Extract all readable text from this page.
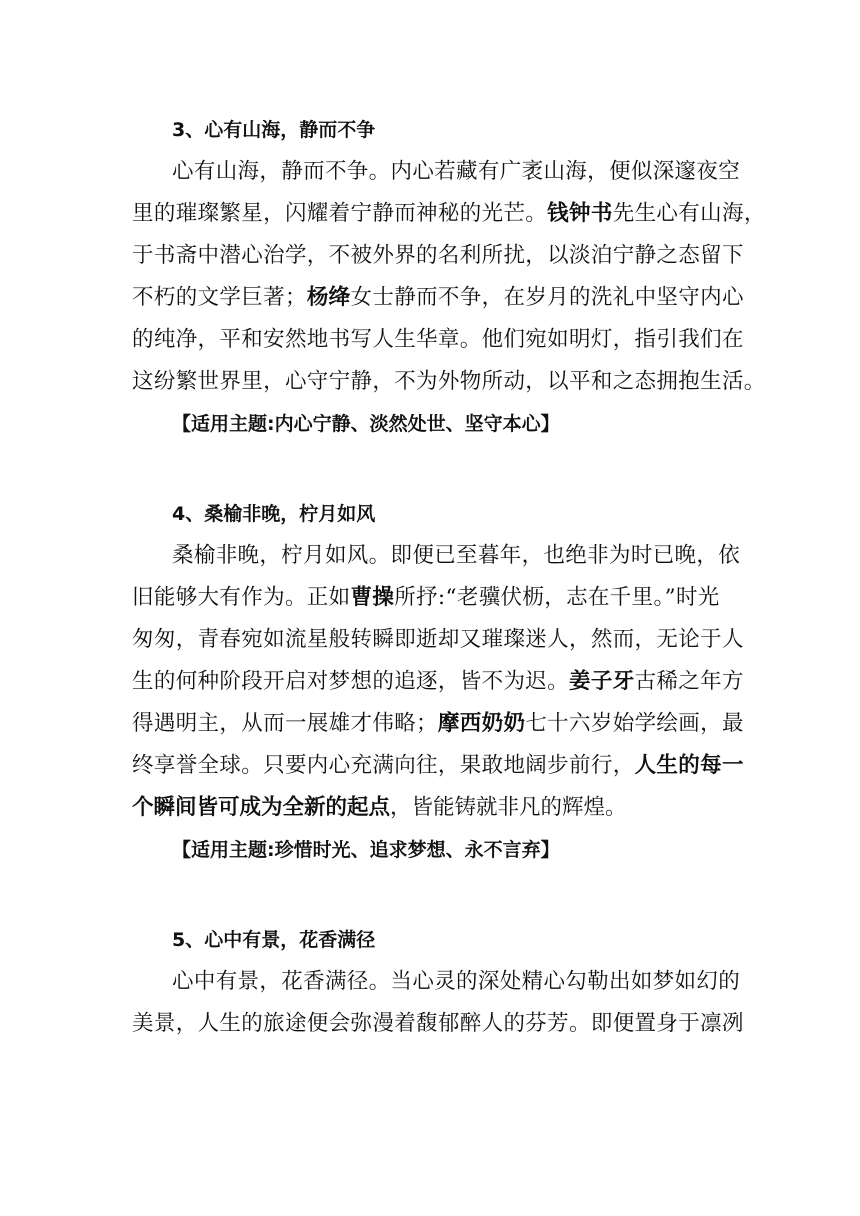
3、心有山海，静而不争
心有山海，静而不争。内心若藏有广袤山海，便似深邃夜空
里的璀璨繁星，闪耀着宁静而神秘的光芒。钱钟书先生心有山海，
于书斋中潜心治学，不被外界的名利所扰，以淡泊宁静之态留下
不朽的文学巨著；杨绛女士静而不争，在岁月的洗礼中坚守内心
的纯净，平和安然地书写人生华章。他们宛如明灯，指引我们在
这纷繁世界里，心守宁静，不为外物所动，以平和之态拥抱生活。
【适用主题:内心宁静、淡然处世、坚守本心】
4、桑榆非晚，柠月如风
桑榆非晚，柠月如风。即便已至暮年，也绝非为时已晚，依
旧能够大有作为。正如曹操所抒:“老骥伏枥，志在千里。”时光
匆匆，青春宛如流星般转瞬即逝却又璀璨迷人，然而，无论于人
生的何种阶段开启对梦想的追逐，皆不为迟。姜子牙古稀之年方
得遇明主，从而一展雄才伟略；摩西奶奶七十六岁始学绘画，最
终享誉全球。只要内心充满向往，果敢地阔步前行，人生的每一
个瞬间皆可成为全新的起点，皆能铸就非凡的辉煌。
【适用主题:珍惜时光、追求梦想、永不言弃】
5、心中有景，花香满径
心中有景，花香满径。当心灵的深处精心勾勒出如梦如幻的
美景，人生的旅途便会弥漫着馥郁醉人的芬芳。即便置身于凛冽
